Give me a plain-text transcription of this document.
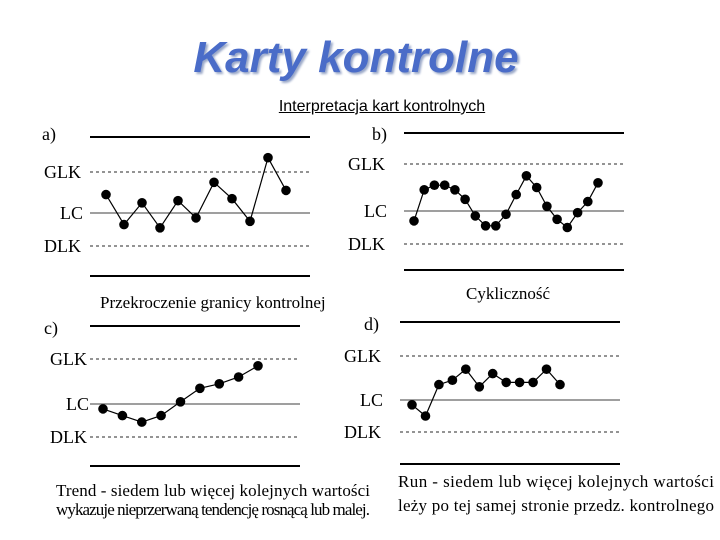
Karty kontrolne
Interpretacja kart kontrolnych
a)
GLK
LC
DLK
Przekroczenie granicy kontrolnej
b)
GLK
LC
DLK
Cykliczność
c)
GLK
LC
DLK
Trend - siedem lub więcej kolejnych wartości
wykazuje nieprzerwaną tendencję rosnącą lub malej.
d)
GLK
LC
DLK
Run - siedem lub więcej kolejnych wartości
leży po tej samej stronie przedz. kontrolnego
